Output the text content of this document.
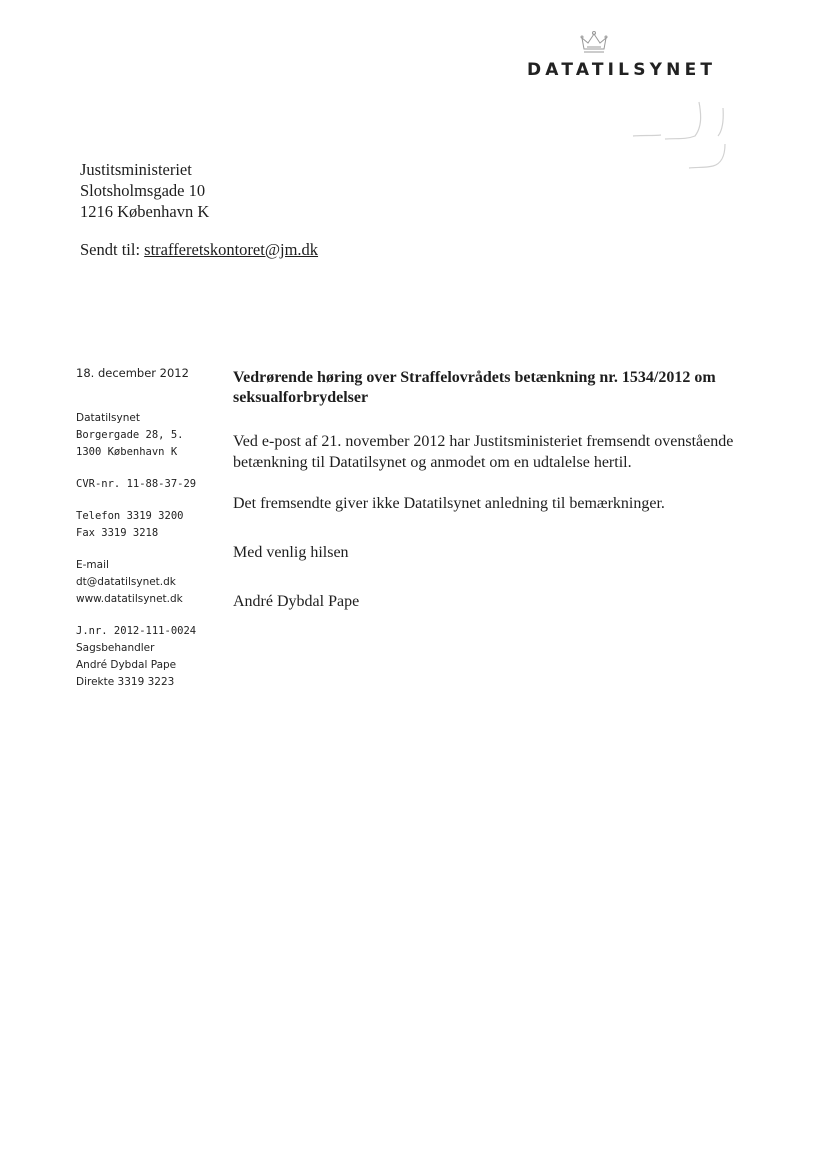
DATATILSYNET
Justitsministeriet
Slotsholmsgade 10
1216 København K
Sendt til: strafferetskontoret@jm.dk
18. december 2012
Datatilsynet
Borgergade 28, 5.
1300 København K
CVR-nr. 11-88-37-29
Telefon 3319 3200
Fax 3319 3218
E-mail
dt@datatilsynet.dk
www.datatilsynet.dk
J.nr. 2012-111-0024
Sagsbehandler
André Dybdal Pape
Direkte 3319 3223
Vedrørende høring over Straffelovrådets betænkning nr. 1534/2012 om seksualforbrydelser

Ved e-post af 21. november 2012 har Justitsministeriet fremsendt ovenstående betænkning til Datatilsynet og anmodet om en udtalelse hertil.

Det fremsendte giver ikke Datatilsynet anledning til bemærkninger.

Med venlig hilsen

André Dybdal Pape
